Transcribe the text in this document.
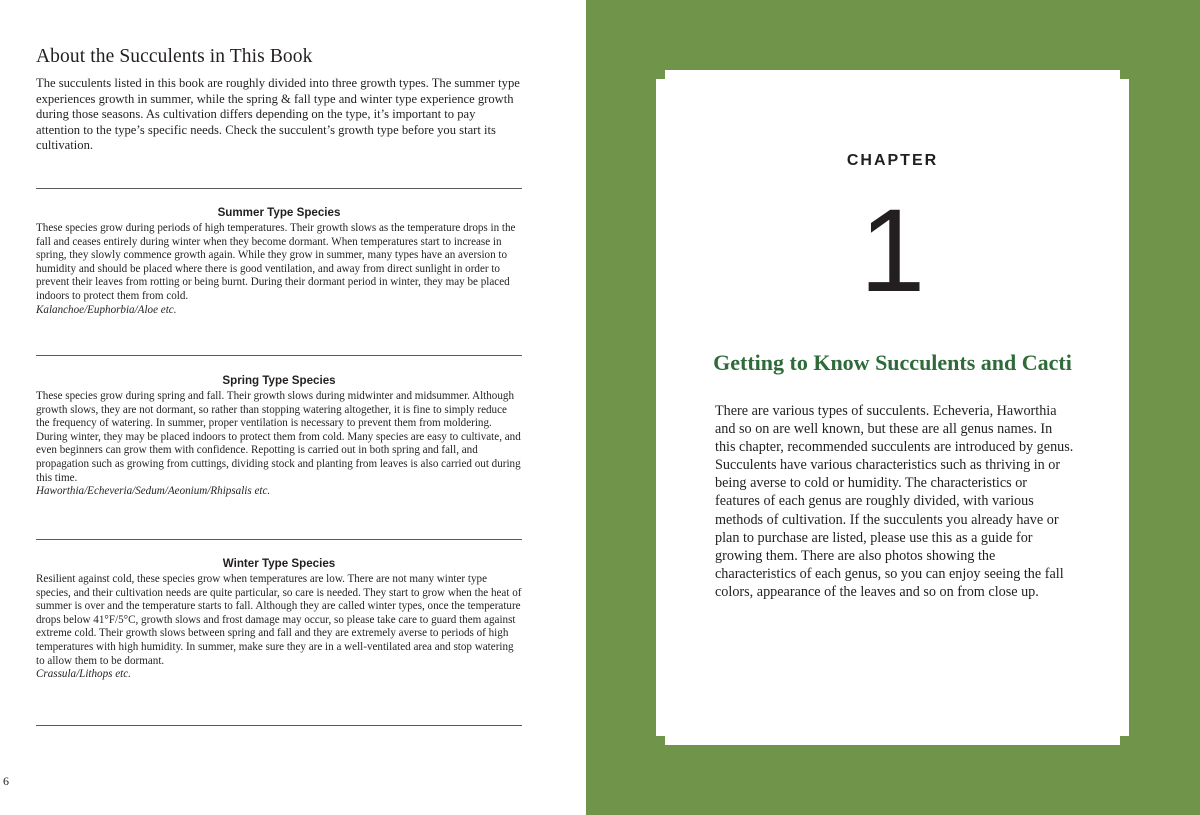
About the Succulents in This Book

The succulents listed in this book are roughly divided into three growth types. The summer type experiences growth in summer, while the spring & fall type and winter type experience growth during those seasons. As cultivation differs depending on the type, it’s important to pay attention to the type’s specific needs. Check the succulent’s growth type before you start its cultivation.

Summer Type Species

These species grow during periods of high temperatures. Their growth slows as the temperature drops in the fall and ceases entirely during winter when they become dormant. When temperatures start to increase in spring, they slowly commence growth again. While they grow in summer, many types have an aversion to humidity and should be placed where there is good ventilation, and away from direct sunlight in order to prevent their leaves from rotting or being burnt. During their dormant period in winter, they may be placed indoors to protect them from cold.

Kalanchoe/Euphorbia/Aloe etc.

Spring Type Species

These species grow during spring and fall. Their growth slows during midwinter and midsummer. Although growth slows, they are not dormant, so rather than stopping watering altogether, it is fine to simply reduce the frequency of watering. In summer, proper ventilation is necessary to prevent them from moldering. During winter, they may be placed indoors to protect them from cold. Many species are easy to cultivate, and even beginners can grow them with confidence. Repotting is carried out in both spring and fall, and propagation such as growing from cuttings, dividing stock and planting from leaves is also carried out during this time.

Haworthia/Echeveria/Sedum/Aeonium/Rhipsalis etc.

Winter Type Species

Resilient against cold, these species grow when temperatures are low. There are not many winter type species, and their cultivation needs are quite particular, so care is needed. They start to grow when the heat of summer is over and the temperature starts to fall. Although they are called winter types, once the temperature drops below 41°F/5°C, growth slows and frost damage may occur, so please take care to guard them against extreme cold. Their growth slows between spring and fall and they are extremely averse to periods of high temperatures with high humidity. In summer, make sure they are in a well-ventilated area and stop watering to allow them to be dormant.

Crassula/Lithops etc.

6
CHAPTER
1
Getting to Know Succulents and Cacti

There are various types of succulents. Echeveria, Haworthia and so on are well known, but these are all genus names. In this chapter, recommended succulents are introduced by genus. Succulents have various characteristics such as thriving in or being averse to cold or humidity. The characteristics or features of each genus are roughly divided, with various methods of cultivation. If the succulents you already have or plan to purchase are listed, please use this as a guide for growing them. There are also photos showing the characteristics of each genus, so you can enjoy seeing the fall colors, appearance of the leaves and so on from close up.
